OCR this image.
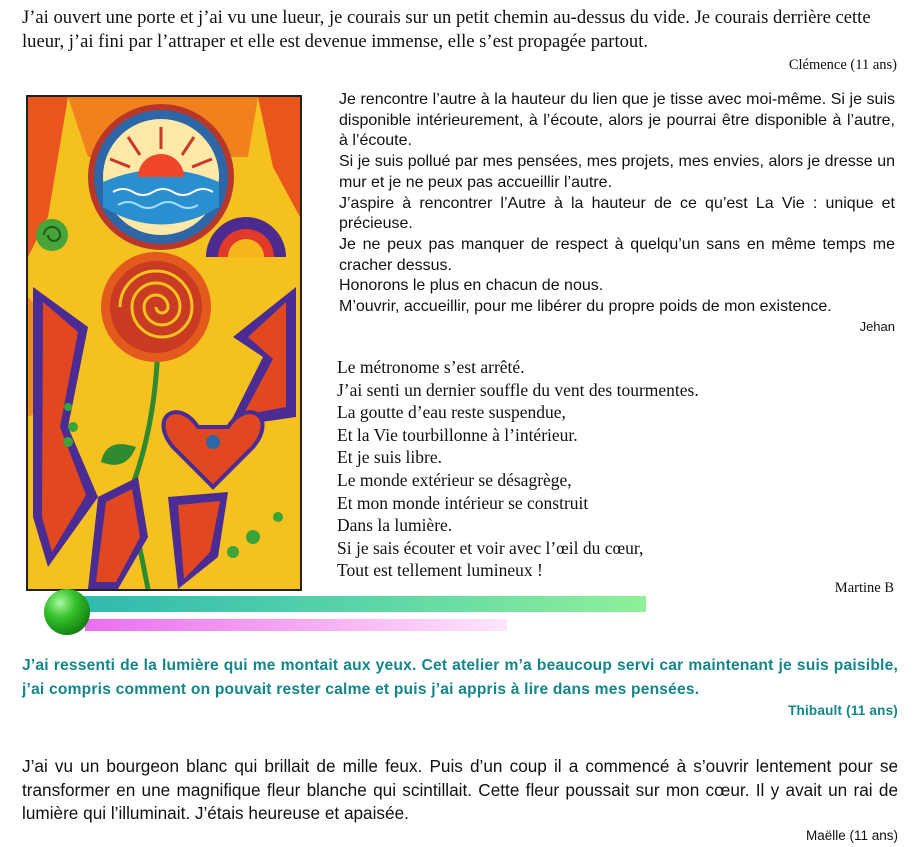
J’ai ouvert une porte et j’ai vu une lueur, je courais sur un petit chemin au-dessus du vide. Je courais derrière cette lueur, j’ai fini par l’attraper et elle est devenue immense, elle s’est propagée partout.
Clémence (11 ans)

Je rencontre l’autre à la hauteur du lien que je tisse avec moi-même. Si je suis disponible intérieurement, à l’écoute, alors je pourrai être disponible à l’autre, à l’écoute.

Si je suis pollué par mes pensées, mes projets, mes envies, alors je dresse un mur et je ne peux pas accueillir l’autre.

J’aspire à rencontrer l’Autre à la hauteur de ce qu’est La Vie : unique et précieuse.

Je ne peux pas manquer de respect à quelqu’un sans en même temps me cracher dessus.

Honorons le plus en chacun de nous.

M’ouvrir, accueillir, pour me libérer du propre poids de mon existence.

Jehan
Le métronome s’est arrêté.
J’ai senti un dernier souffle du vent des tourmentes.
La goutte d’eau reste suspendue,
Et la Vie tourbillonne à l’intérieur.
Et je suis libre.
Le monde extérieur se désagrège,
Et mon monde intérieur se construit
Dans la lumière.
Si je sais écouter et voir avec l’œil du cœur,
Tout est tellement lumineux !
Martine B
J’ai ressenti de la lumière qui me montait aux yeux. Cet atelier m’a beaucoup servi car maintenant je suis paisible, j’ai compris comment on pouvait rester calme et puis j’ai appris à lire dans mes pensées.
Thibault (11 ans)
J’ai vu un bourgeon blanc qui brillait de mille feux. Puis d’un coup il a commencé à s’ouvrir lentement pour se transformer en une magnifique fleur blanche qui scintillait. Cette fleur poussait sur mon cœur. Il y avait un rai de lumière qui l’illuminait. J’étais heureuse et apaisée.
Maëlle (11 ans)
